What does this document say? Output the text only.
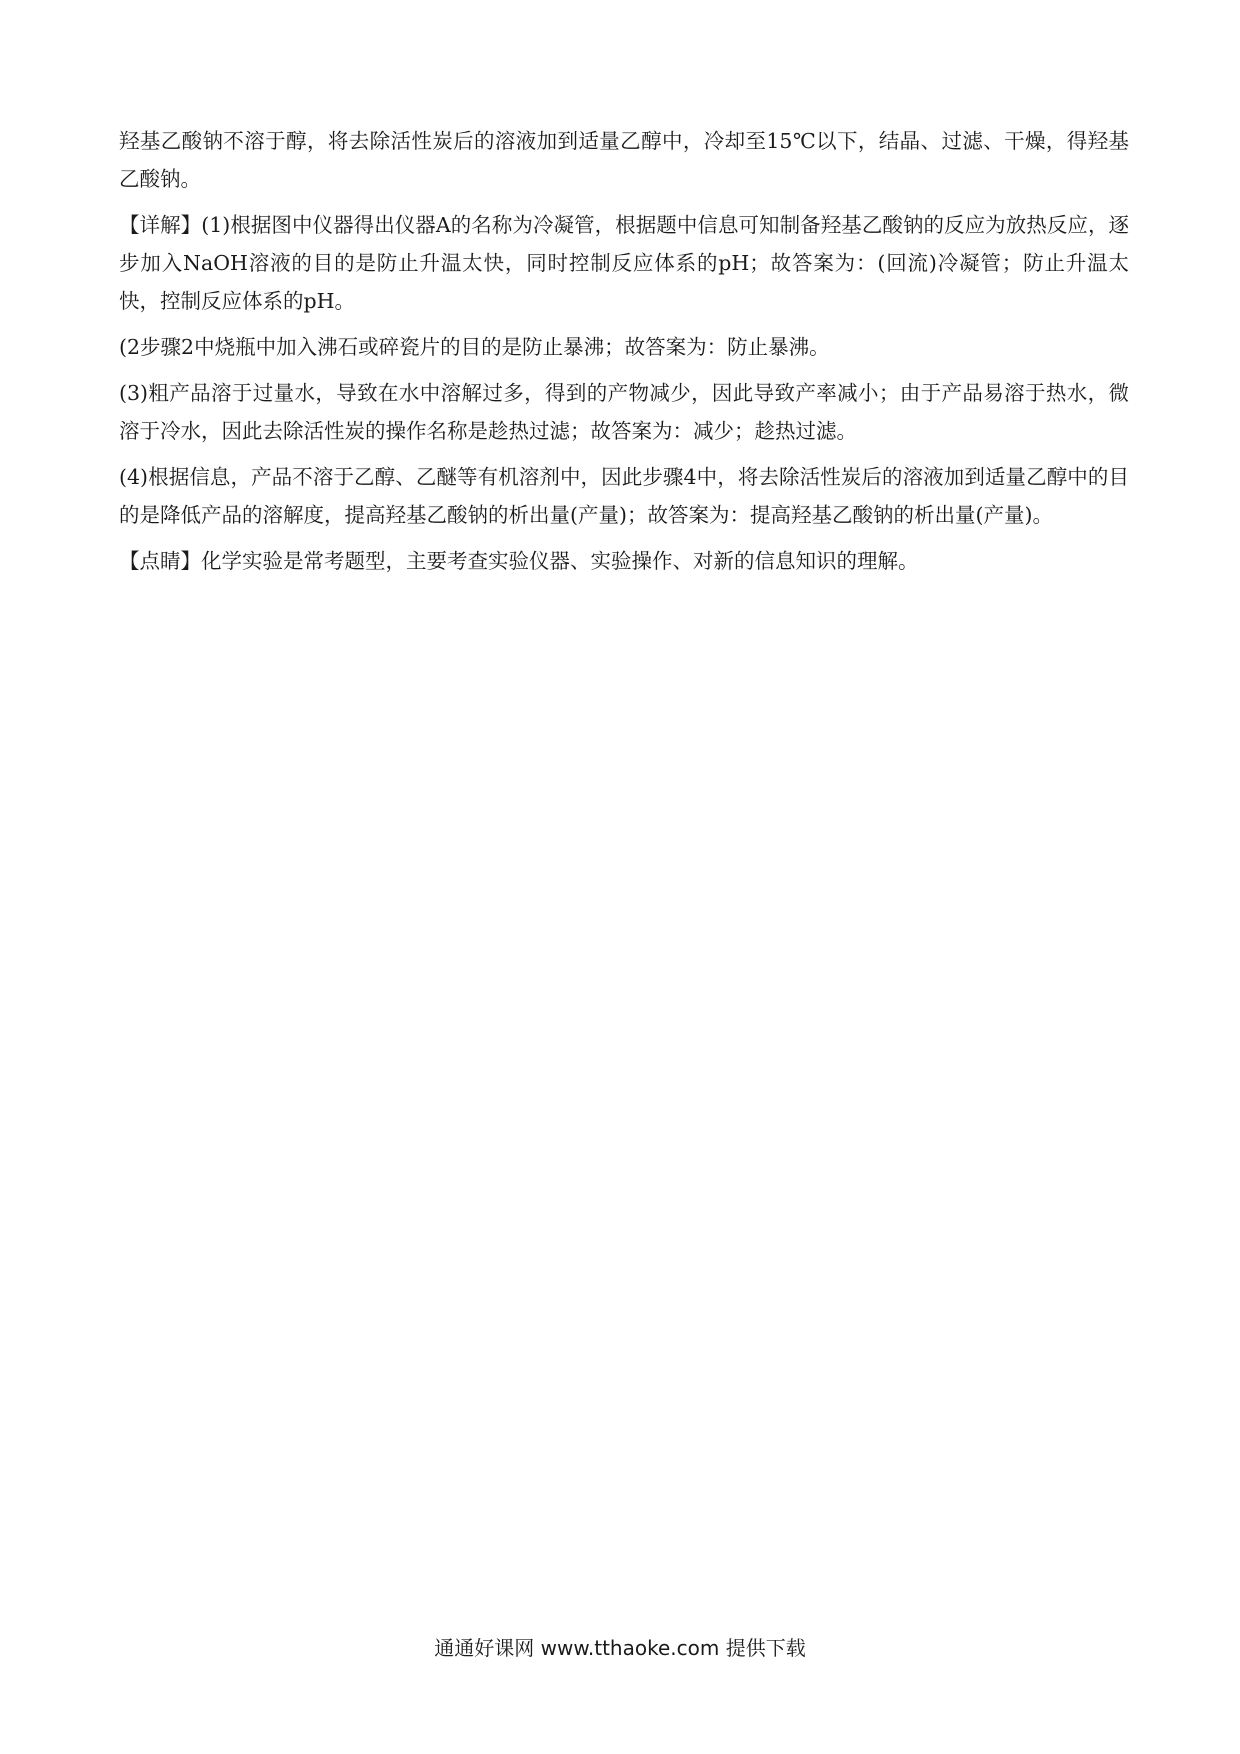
羟基乙酸钠不溶于醇，将去除活性炭后的溶液加到适量乙醇中，冷却至15℃以下，结晶、过滤、干燥，得羟基乙酸钠。

【详解】(1)根据图中仪器得出仪器A的名称为冷凝管，根据题中信息可知制备羟基乙酸钠的反应为放热反应，逐步加入NaOH溶液的目的是防止升温太快，同时控制反应体系的pH；故答案为：(回流)冷凝管；防止升温太快，控制反应体系的pH。

(2步骤2中烧瓶中加入沸石或碎瓷片的目的是防止暴沸；故答案为：防止暴沸。

(3)粗产品溶于过量水，导致在水中溶解过多，得到的产物减少，因此导致产率减小；由于产品易溶于热水，微溶于冷水，因此去除活性炭的操作名称是趁热过滤；故答案为：减少；趁热过滤。

(4)根据信息，产品不溶于乙醇、乙醚等有机溶剂中，因此步骤4中，将去除活性炭后的溶液加到适量乙醇中的目的是降低产品的溶解度，提高羟基乙酸钠的析出量(产量)；故答案为：提高羟基乙酸钠的析出量(产量)。

【点睛】化学实验是常考题型，主要考查实验仪器、实验操作、对新的信息知识的理解。

通通好课网 www.tthaoke.com 提供下载
